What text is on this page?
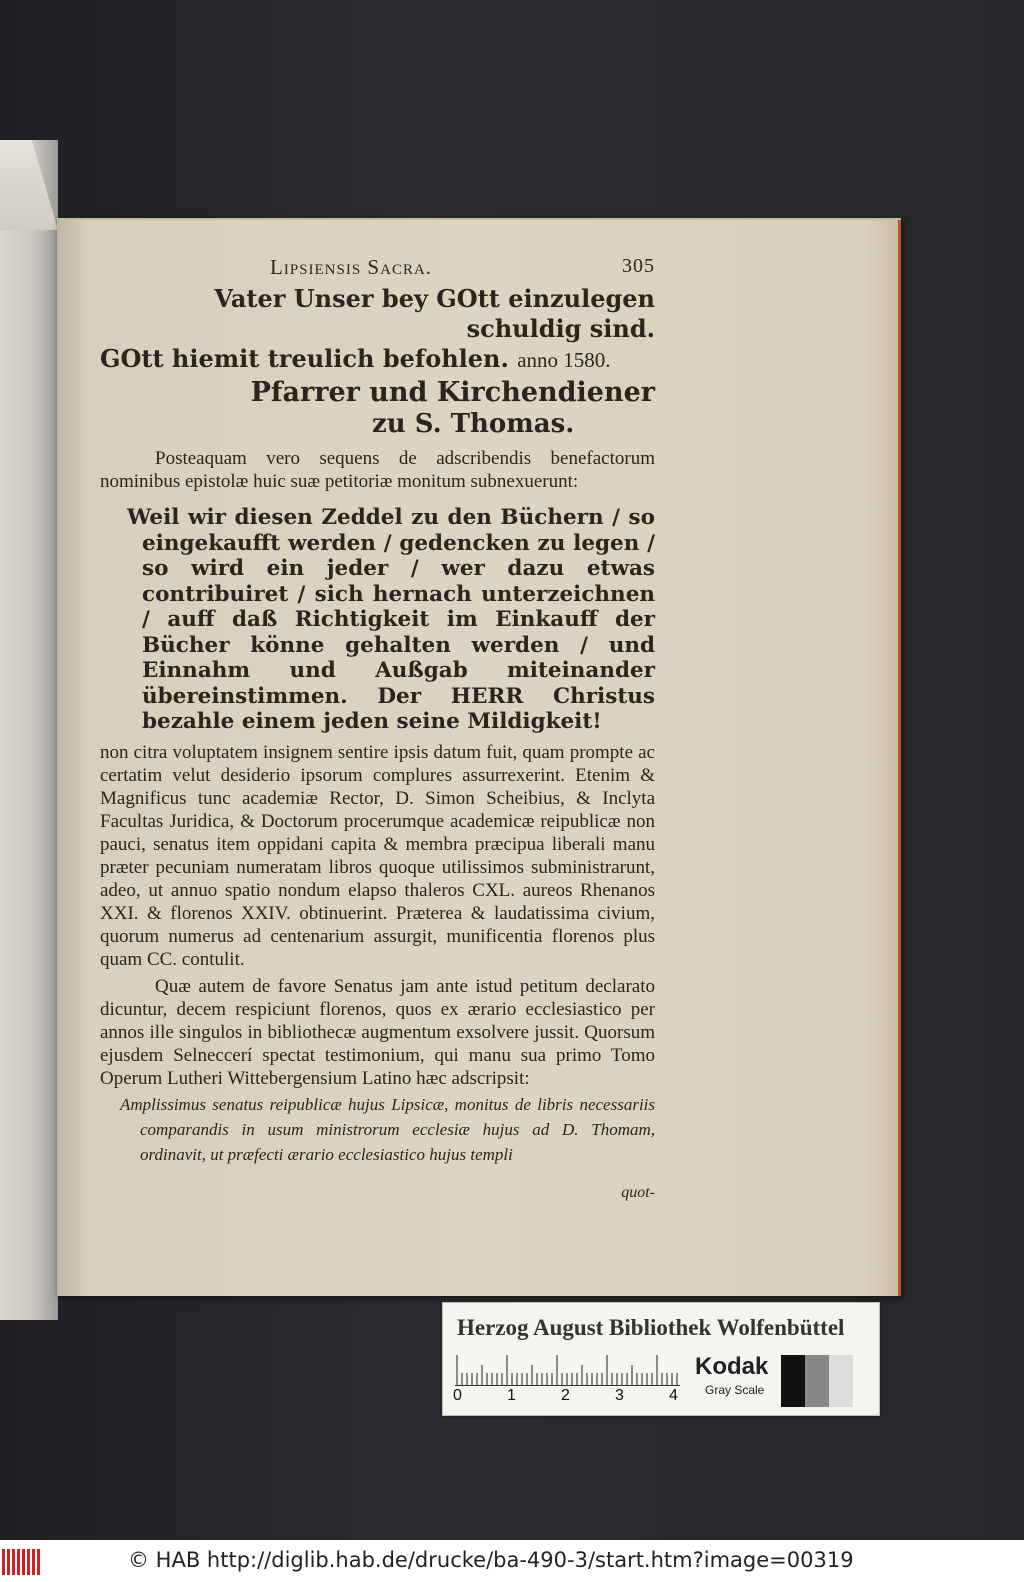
Lipsiensis Sacra.	305
Vater Unser bey GOtt einzulegen schuldig sind.
GOtt hiemit treulich befohlen. anno 1580.
Pfarrer und Kirchendiener
zu S. Thomas.

Posteaquam vero sequens de adscribendis benefactorum nominibus epistolæ huic suæ petitoriæ monitum subnexuerunt:

Weil wir diesen Zeddel zu den Büchern / so eingekaufft werden / gedencken zu legen / so wird ein jeder / wer dazu etwas contribuiret / sich hernach unterzeichnen / auff daß Richtigkeit im Einkauff der Bücher könne gehalten werden / und Einnahm und Außgab miteinander übereinstimmen. Der HERR Christus bezahle einem jeden seine Mildigkeit!

non citra voluptatem insignem sentire ipsis datum fuit, quam prompte ac certatim velut desiderio ipsorum complures assurrexerint. Etenim & Magnificus tunc academiæ Rector, D. Simon Scheibius, & Inclyta Facultas Juridica, & Doctorum procerumque academicæ reipublicæ non pauci, senatus item oppidani capita & membra præcipua liberali manu præter pecuniam numeratam libros quoque utilissimos subministrarunt, adeo, ut annuo spatio nondum elapso thaleros CXL. aureos Rhenanos XXI. & florenos XXIV. obtinuerint. Præterea & laudatissima civium, quorum numerus ad centenarium assurgit, munificentia florenos plus quam CC. contulit.

Quæ autem de favore Senatus jam ante istud petitum declarato dicuntur, decem respiciunt florenos, quos ex ærario ecclesiastico per annos ille singulos in bibliothecæ augmentum exsolvere jussit. Quorsum ejusdem Selneccerí spectat testimonium, qui manu sua primo Tomo Operum Lutheri Wittebergensium Latino hæc adscripsit:

Amplissimus senatus reipublicæ hujus Lipsicæ, monitus de libris necessariis comparandis in usum ministrorum ecclesiæ hujus ad D. Thomam, ordinavit, ut præfecti ærario ecclesiastico hujus templi

quot-
Herzog August Bibliothek Wolfenbüttel
0	1	2	3	4
Kodak
Gray Scale
© HAB http://diglib.hab.de/drucke/ba-490-3/start.htm?image=00319
